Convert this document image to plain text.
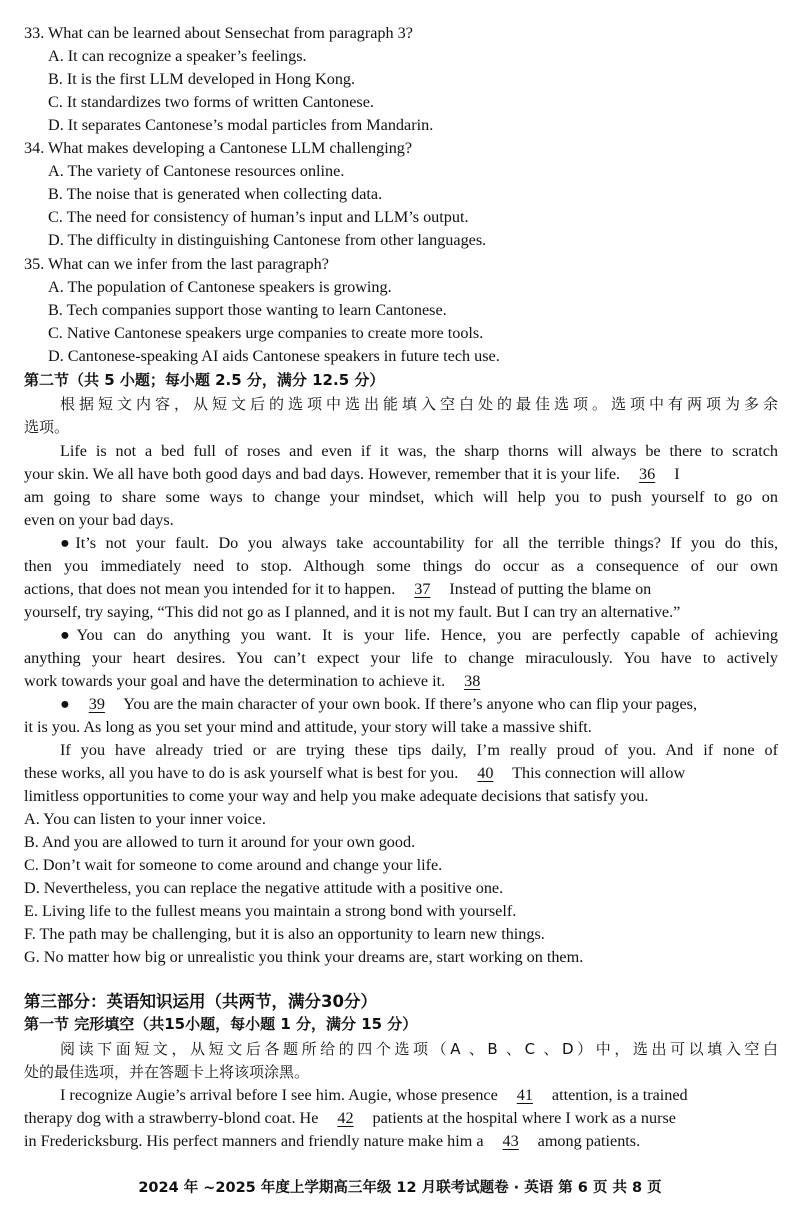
33. What can be learned about Sensechat from paragraph 3?
A. It can recognize a speaker’s feelings.
B. It is the first LLM developed in Hong Kong.
C. It standardizes two forms of written Cantonese.
D. It separates Cantonese’s modal particles from Mandarin.
34. What makes developing a Cantonese LLM challenging?
A. The variety of Cantonese resources online.
B. The noise that is generated when collecting data.
C. The need for consistency of human’s input and LLM’s output.
D. The difficulty in distinguishing Cantonese from other languages.
35. What can we infer from the last paragraph?
A. The population of Cantonese speakers is growing.
B. Tech companies support those wanting to learn Cantonese.
C. Native Cantonese speakers urge companies to create more tools.
D. Cantonese-speaking AI aids Cantonese speakers in future tech use.
第二节（共 5 小题；每小题 2.5 分，满分 12.5 分）
根据短文内容，从短文后的选项中选出能填入空白处的最佳选项。选项中有两项为多余
选项。
Life is not a bed full of roses and even if it was, the sharp thorns will always be there to scratch
your skin. We all have both good days and bad days. However, remember that it is your life. 36 I
am going to share some ways to change your mindset, which will help you to push yourself to go on
even on your bad days.
●It’s not your fault. Do you always take accountability for all the terrible things? If you do this,
then you immediately need to stop. Although some things do occur as a consequence of our own
actions, that does not mean you intended for it to happen. 37 Instead of putting the blame on
yourself, try saying, “This did not go as I planned, and it is not my fault. But I can try an alternative.”
●You can do anything you want. It is your life. Hence, you are perfectly capable of achieving
anything your heart desires. You can’t expect your life to change miraculously. You have to actively
work towards your goal and have the determination to achieve it. 38
● 39 You are the main character of your own book. If there’s anyone who can flip your pages,
it is you. As long as you set your mind and attitude, your story will take a massive shift.
If you have already tried or are trying these tips daily, I’m really proud of you. And if none of
these works, all you have to do is ask yourself what is best for you. 40 This connection will allow
limitless opportunities to come your way and help you make adequate decisions that satisfy you.
A. You can listen to your inner voice.
B. And you are allowed to turn it around for your own good.
C. Don’t wait for someone to come around and change your life.
D. Nevertheless, you can replace the negative attitude with a positive one.
E. Living life to the fullest means you maintain a strong bond with yourself.
F. The path may be challenging, but it is also an opportunity to learn new things.
G. No matter how big or unrealistic you think your dreams are, start working on them.
第三部分：英语知识运用（共两节，满分30分）
第一节 完形填空（共15小题，每小题 1 分，满分 15 分）
阅读下面短文，从短文后各题所给的四个选项（A 、B 、C 、D）中，选出可以填入空白
处的最佳选项，并在答题卡上将该项涂黑。
I recognize Augie’s arrival before I see him. Augie, whose presence 41 attention, is a trained
therapy dog with a strawberry-blond coat. He 42 patients at the hospital where I work as a nurse
in Fredericksburg. His perfect manners and friendly nature make him a 43 among patients.
2024 年 ~2025 年度上学期高三年级 12 月联考试题卷 · 英语 第 6 页 共 8 页
